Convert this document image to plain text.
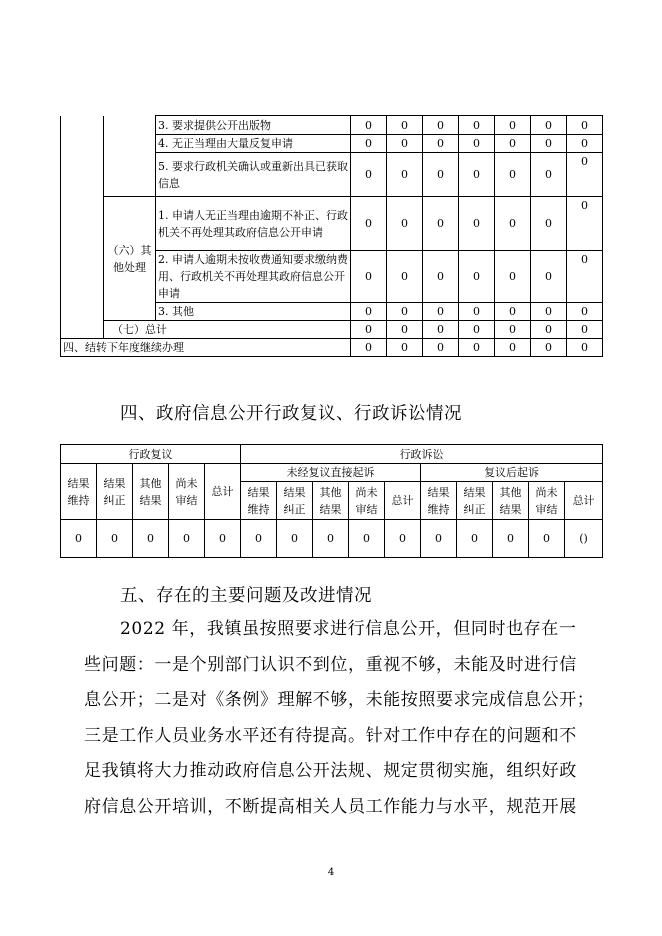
		3. 要求提供公开出版物	0	0	0	0	0	0	0
		4. 无正当理由大量反复申请	0	0	0	0	0	0	0
		5. 要求行政机关确认或重新出具已获取信息	0	0	0	0	0	0	0
	（六）其他处理	1. 申请人无正当理由逾期不补正、行政机关不再处理其政府信息公开申请	0	0	0	0	0	0	0
		2. 申请人逾期未按收费通知要求缴纳费用、行政机关不再处理其政府信息公开申请	0	0	0	0	0	0	0
		3. 其他	0	0	0	0	0	0	0
	（七）总计		0	0	0	0	0	0	0
四、结转下年度继续办理			0	0	0	0	0	0	0
四、政府信息公开行政复议、行政诉讼情况
行政复议					行政诉讼									
结果维持	结果纠正	其他结果	尚未审结	总计	未经复议直接起诉					复议后起诉				
					结果维持	结果纠正	其他结果	尚未审结	总计	结果维持	结果纠正	其他结果	尚未审结	总计
0	0	0	0	0	0	0	0	0	0	0	0	0	0	()
五、存在的主要问题及改进情况
2022 年，我镇虽按照要求进行信息公开，但同时也存在一
些问题：一是个别部门认识不到位，重视不够，未能及时进行信
息公开；二是对《条例》理解不够，未能按照要求完成信息公开；
三是工作人员业务水平还有待提高。针对工作中存在的问题和不
足我镇将大力推动政府信息公开法规、规定贯彻实施，组织好政
府信息公开培训，不断提高相关人员工作能力与水平，规范开展
4
